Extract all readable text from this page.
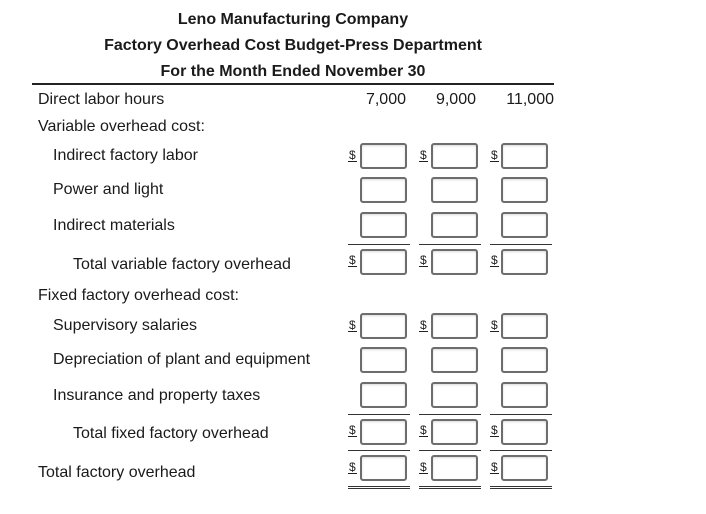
Leno Manufacturing Company
Factory Overhead Cost Budget-Press Department
For the Month Ended November 30
Direct labor hours	7,000	9,000	11,000
Variable overhead cost:
Indirect factory labor	$	$	$
Power and light
Indirect materials
Total variable factory overhead	$	$	$
Fixed factory overhead cost:
Supervisory salaries	$	$	$
Depreciation of plant and equipment
Insurance and property taxes
Total fixed factory overhead	$	$	$
Total factory overhead	$	$	$
